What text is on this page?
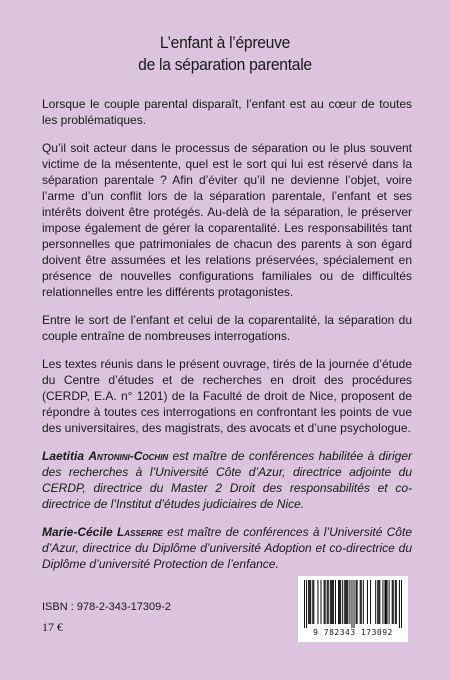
L’enfant à l’épreuve
de la séparation parentale

Lorsque le couple parental disparaît, l’enfant est au cœur de toutes les problématiques.

Qu’il soit acteur dans le processus de séparation ou le plus souvent victime de la mésentente, quel est le sort qui lui est réservé dans la séparation parentale ? Afin d’éviter qu’il ne devienne l’objet, voire l’arme d’un conflit lors de la séparation parentale, l’enfant et ses intérêts doivent être protégés. Au-delà de la séparation, le préserver impose également de gérer la coparentalité. Les responsabilités tant personnelles que patrimoniales de chacun des parents à son égard doivent être assumées et les relations préservées, spécialement en présence de nouvelles configurations familiales ou de difficultés relationnelles entre les différents protagonistes.

Entre le sort de l’enfant et celui de la coparentalité, la séparation du couple entraîne de nombreuses interrogations.

Les textes réunis dans le présent ouvrage, tirés de la journée d’étude du Centre d’études et de recherches en droit des procédures (CERDP, E.A. n° 1201) de la Faculté de droit de Nice, proposent de répondre à toutes ces interrogations en confrontant les points de vue des universitaires, des magistrats, des avocats et d’une psychologue.

Laetitia Antonini-Cochin est maître de conférences habilitée à diriger des recherches à l’Université Côte d’Azur, directrice adjointe du CERDP, directrice du Master 2 Droit des responsabilités et co-directrice de l’Institut d’études judiciaires de Nice.

Marie-Cécile Lasserre est maître de conférences à l’Université Côte d’Azur, directrice du Diplôme d’université Adoption et co-directrice du Diplôme d’université Protection de l’enfance.

ISBN : 978-2-343-17309-2
17 €	9 782343 173092
